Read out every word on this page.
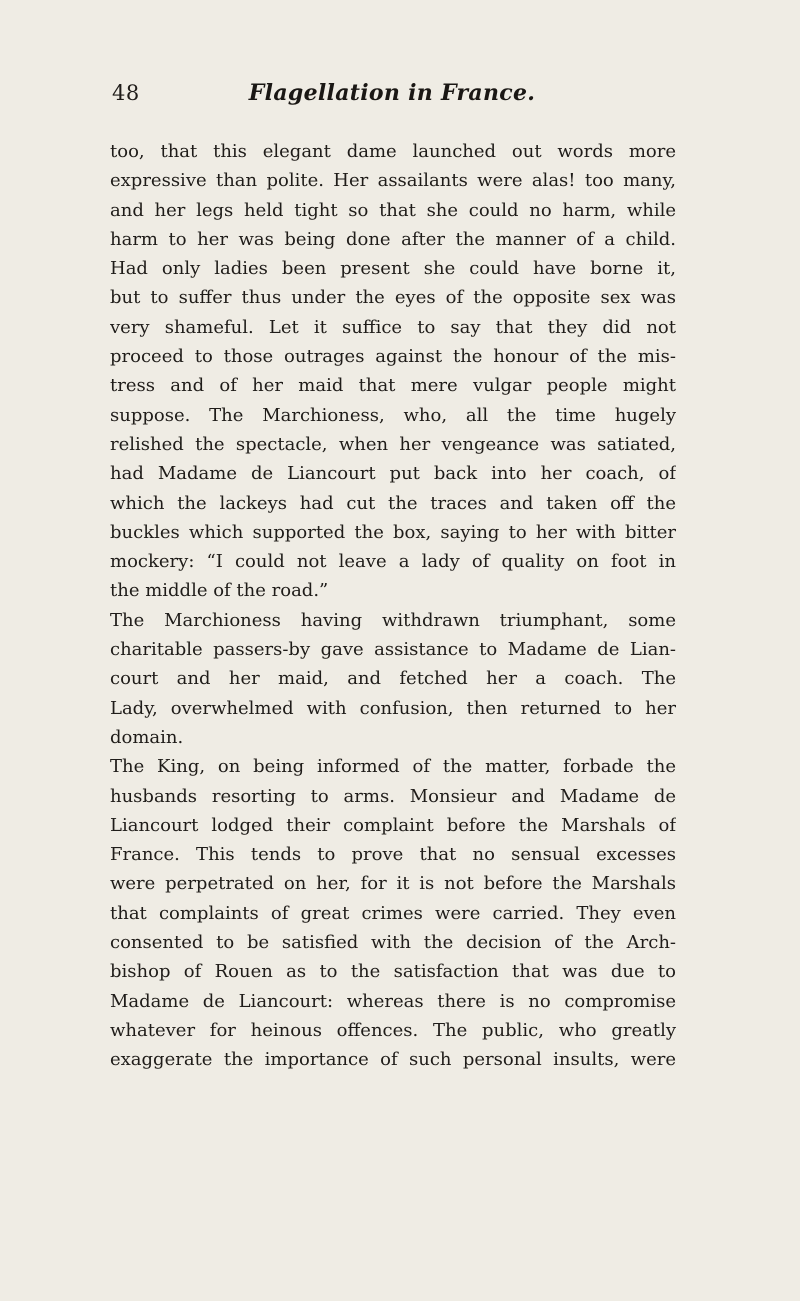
48	Flagellation in France.
too, that this elegant dame launched out words more
expressive than polite. Her assailants were alas! too many,
and her legs held tight so that she could no harm, while
harm to her was being done after the manner of a child.
Had only ladies been present she could have borne it,
but to suffer thus under the eyes of the opposite sex was
very shameful. Let it suffice to say that they did not
proceed to those outrages against the honour of the mis-
tress and of her maid that mere vulgar people might
suppose. The Marchioness, who, all the time hugely
relished the spectacle, when her vengeance was satiated,
had Madame de Liancourt put back into her coach, of
which the lackeys had cut the traces and taken off the
buckles which supported the box, saying to her with bitter
mockery: “I could not leave a lady of quality on foot in
the middle of the road.”
The Marchioness having withdrawn triumphant, some
charitable passers-by gave assistance to Madame de Lian-
court and her maid, and fetched her a coach. The
Lady, overwhelmed with confusion, then returned to her
domain.
The King, on being informed of the matter, forbade the
husbands resorting to arms. Monsieur and Madame de
Liancourt lodged their complaint before the Marshals of
France. This tends to prove that no sensual excesses
were perpetrated on her, for it is not before the Marshals
that complaints of great crimes were carried. They even
consented to be satisfied with the decision of the Arch-
bishop of Rouen as to the satisfaction that was due to
Madame de Liancourt: whereas there is no compromise
whatever for heinous offences. The public, who greatly
exaggerate the importance of such personal insults, were
